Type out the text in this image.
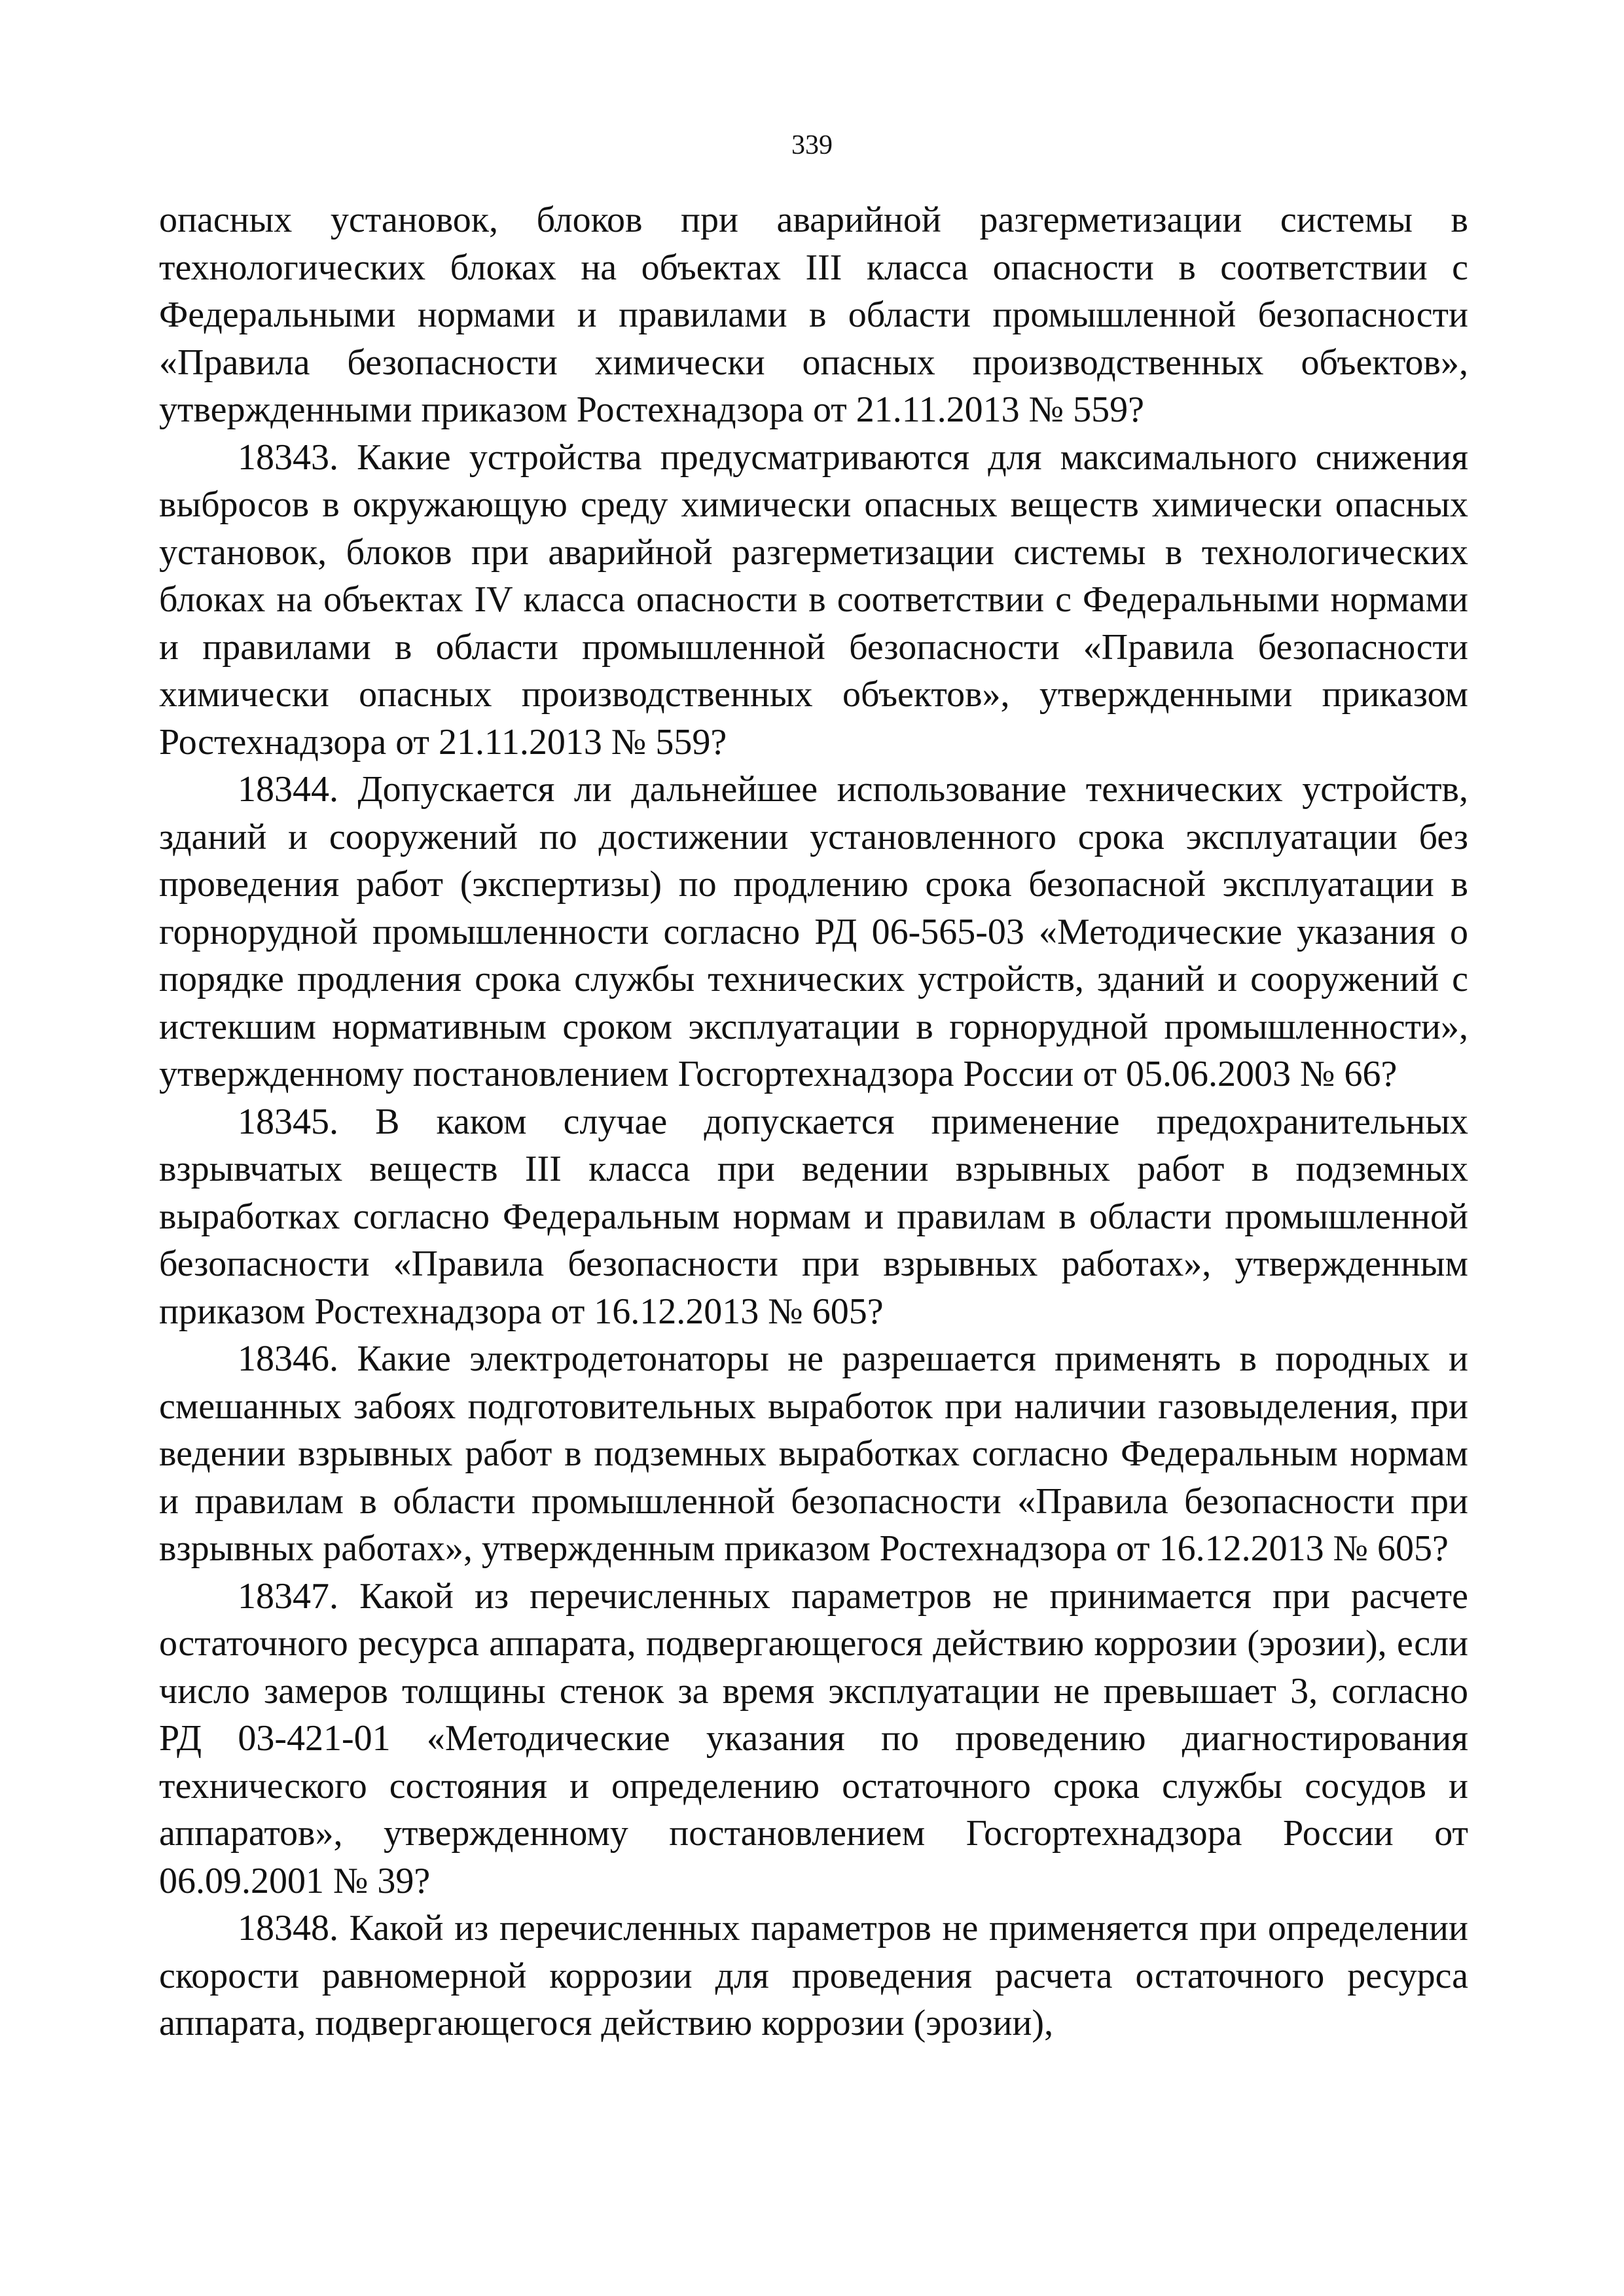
339

опасных установок, блоков при аварийной разгерметизации системы в технологических блоках на объектах III класса опасности в соответствии с Федеральными нормами и правилами в области промышленной безопасности «Правила безопасности химически опасных производственных объектов», утвержденными приказом Ростехнадзора от 21.11.2013 № 559?

18343. Какие устройства предусматриваются для максимального снижения выбросов в окружающую среду химически опасных веществ химически опасных установок, блоков при аварийной разгерметизации системы в технологических блоках на объектах IV класса опасности в соответствии с Федеральными нормами и правилами в области промышленной безопасности «Правила безопасности химически опасных производственных объектов», утвержденными приказом Ростехнадзора от 21.11.2013 № 559?

18344. Допускается ли дальнейшее использование технических устройств, зданий и сооружений по достижении установленного срока эксплуатации без проведения работ (экспертизы) по продлению срока безопасной эксплуатации в горнорудной промышленности согласно РД 06-565-03 «Методические указания о порядке продления срока службы технических устройств, зданий и сооружений с истекшим нормативным сроком эксплуатации в горнорудной промышленности», утвержденному постановлением Госгортехнадзора России от 05.06.2003 № 66?

18345. В каком случае допускается применение предохранительных взрывчатых веществ III класса при ведении взрывных работ в подземных выработках согласно Федеральным нормам и правилам в области промышленной безопасности «Правила безопасности при взрывных работах», утвержденным приказом Ростехнадзора от 16.12.2013 № 605?

18346. Какие электродетонаторы не разрешается применять в породных и смешанных забоях подготовительных выработок при наличии газовыделения, при ведении взрывных работ в подземных выработках согласно Федеральным нормам и правилам в области промышленной безопасности «Правила безопасности при взрывных работах», утвержденным приказом Ростехнадзора от 16.12.2013 № 605?

18347. Какой из перечисленных параметров не принимается при расчете остаточного ресурса аппарата, подвергающегося действию коррозии (эрозии), если число замеров толщины стенок за время эксплуатации не превышает 3, согласно РД 03-421-01 «Методические указания по проведению диагностирования технического состояния и определению остаточного срока службы сосудов и аппаратов», утвержденному постановлением Госгортехнадзора России от 06.09.2001 № 39?

18348. Какой из перечисленных параметров не применяется при определении скорости равномерной коррозии для проведения расчета остаточного ресурса аппарата, подвергающегося действию коррозии (эрозии),
